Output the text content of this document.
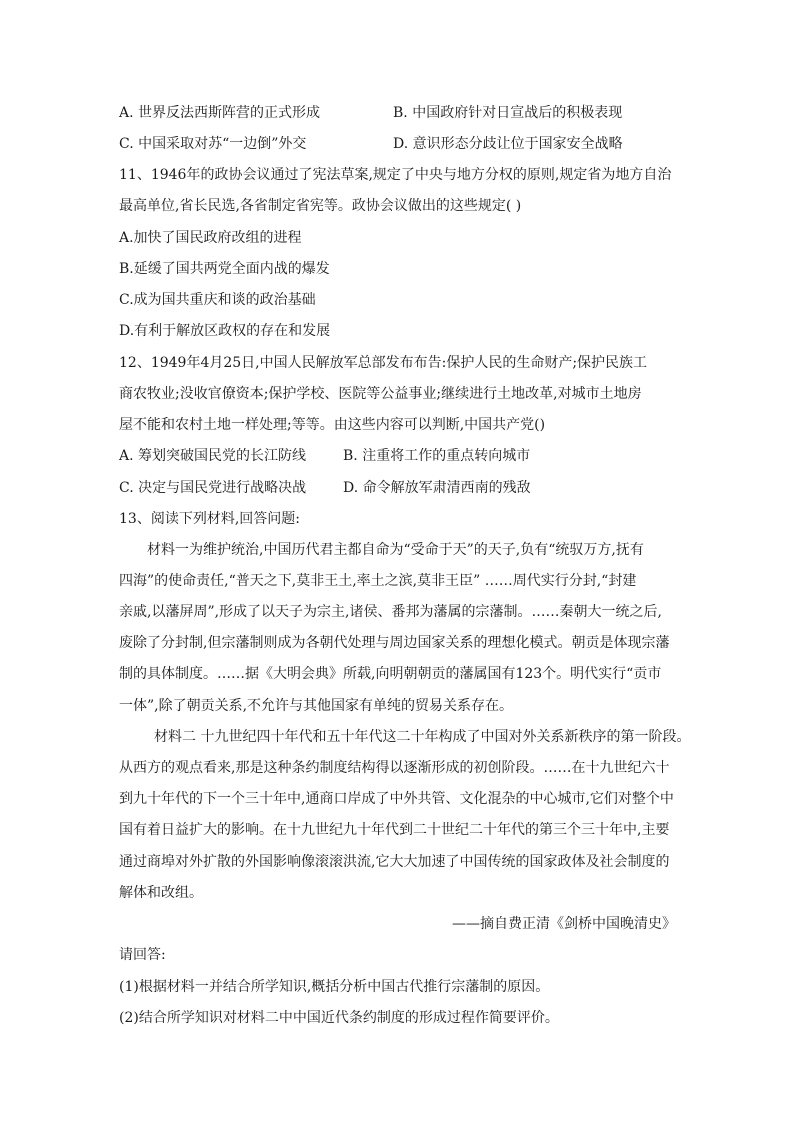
A. 世界反法西斯阵营的正式形成	B. 中国政府针对日宣战后的积极表现
C. 中国采取对苏“一边倒”外交	D. 意识形态分歧让位于国家安全战略
11、1946年的政协会议通过了宪法草案,规定了中央与地方分权的原则,规定省为地方自治
最高单位,省长民选,各省制定省宪等。政协会议做出的这些规定( )
A.加快了国民政府改组的进程
B.延缓了国共两党全面内战的爆发
C.成为国共重庆和谈的政治基础
D.有利于解放区政权的存在和发展
12、1949年4月25日,中国人民解放军总部发布布告:保护人民的生命财产;保护民族工
商农牧业;没收官僚资本;保护学校、医院等公益事业;继续进行土地改革,对城市土地房
屋不能和农村土地一样处理;等等。由这些内容可以判断,中国共产党()
A. 筹划突破国民党的长江防线	B. 注重将工作的重点转向城市
C. 决定与国民党进行战略决战	D. 命令解放军肃清西南的残敌
13、阅读下列材料,回答问题:
材料一为维护统治,中国历代君主都自命为“受命于天”的天子,负有“统驭万方,抚有
四海”的使命责任,“普天之下,莫非王土,率土之滨,莫非王臣” ……周代实行分封,“封建
亲戚,以藩屏周”,形成了以天子为宗主,诸侯、番邦为藩属的宗藩制。……秦朝大一统之后,
废除了分封制,但宗藩制则成为各朝代处理与周边国家关系的理想化模式。朝贡是体现宗藩
制的具体制度。……据《大明会典》所载,向明朝朝贡的藩属国有123个。明代实行“贡市
一体”,除了朝贡关系,不允许与其他国家有单纯的贸易关系存在。
材料二 十九世纪四十年代和五十年代这二十年构成了中国对外关系新秩序的第一阶段。
从西方的观点看来,那是这种条约制度结构得以逐渐形成的初创阶段。……在十九世纪六十
到九十年代的下一个三十年中,通商口岸成了中外共管、文化混杂的中心城市,它们对整个中
国有着日益扩大的影响。在十九世纪九十年代到二十世纪二十年代的第三个三十年中,主要
通过商埠对外扩散的外国影响像滚滚洪流,它大大加速了中国传统的国家政体及社会制度的
解体和改组。
——摘自费正清《剑桥中国晚清史》
请回答:
(1)根据材料一并结合所学知识,概括分析中国古代推行宗藩制的原因。
(2)结合所学知识对材料二中中国近代条约制度的形成过程作简要评价。
